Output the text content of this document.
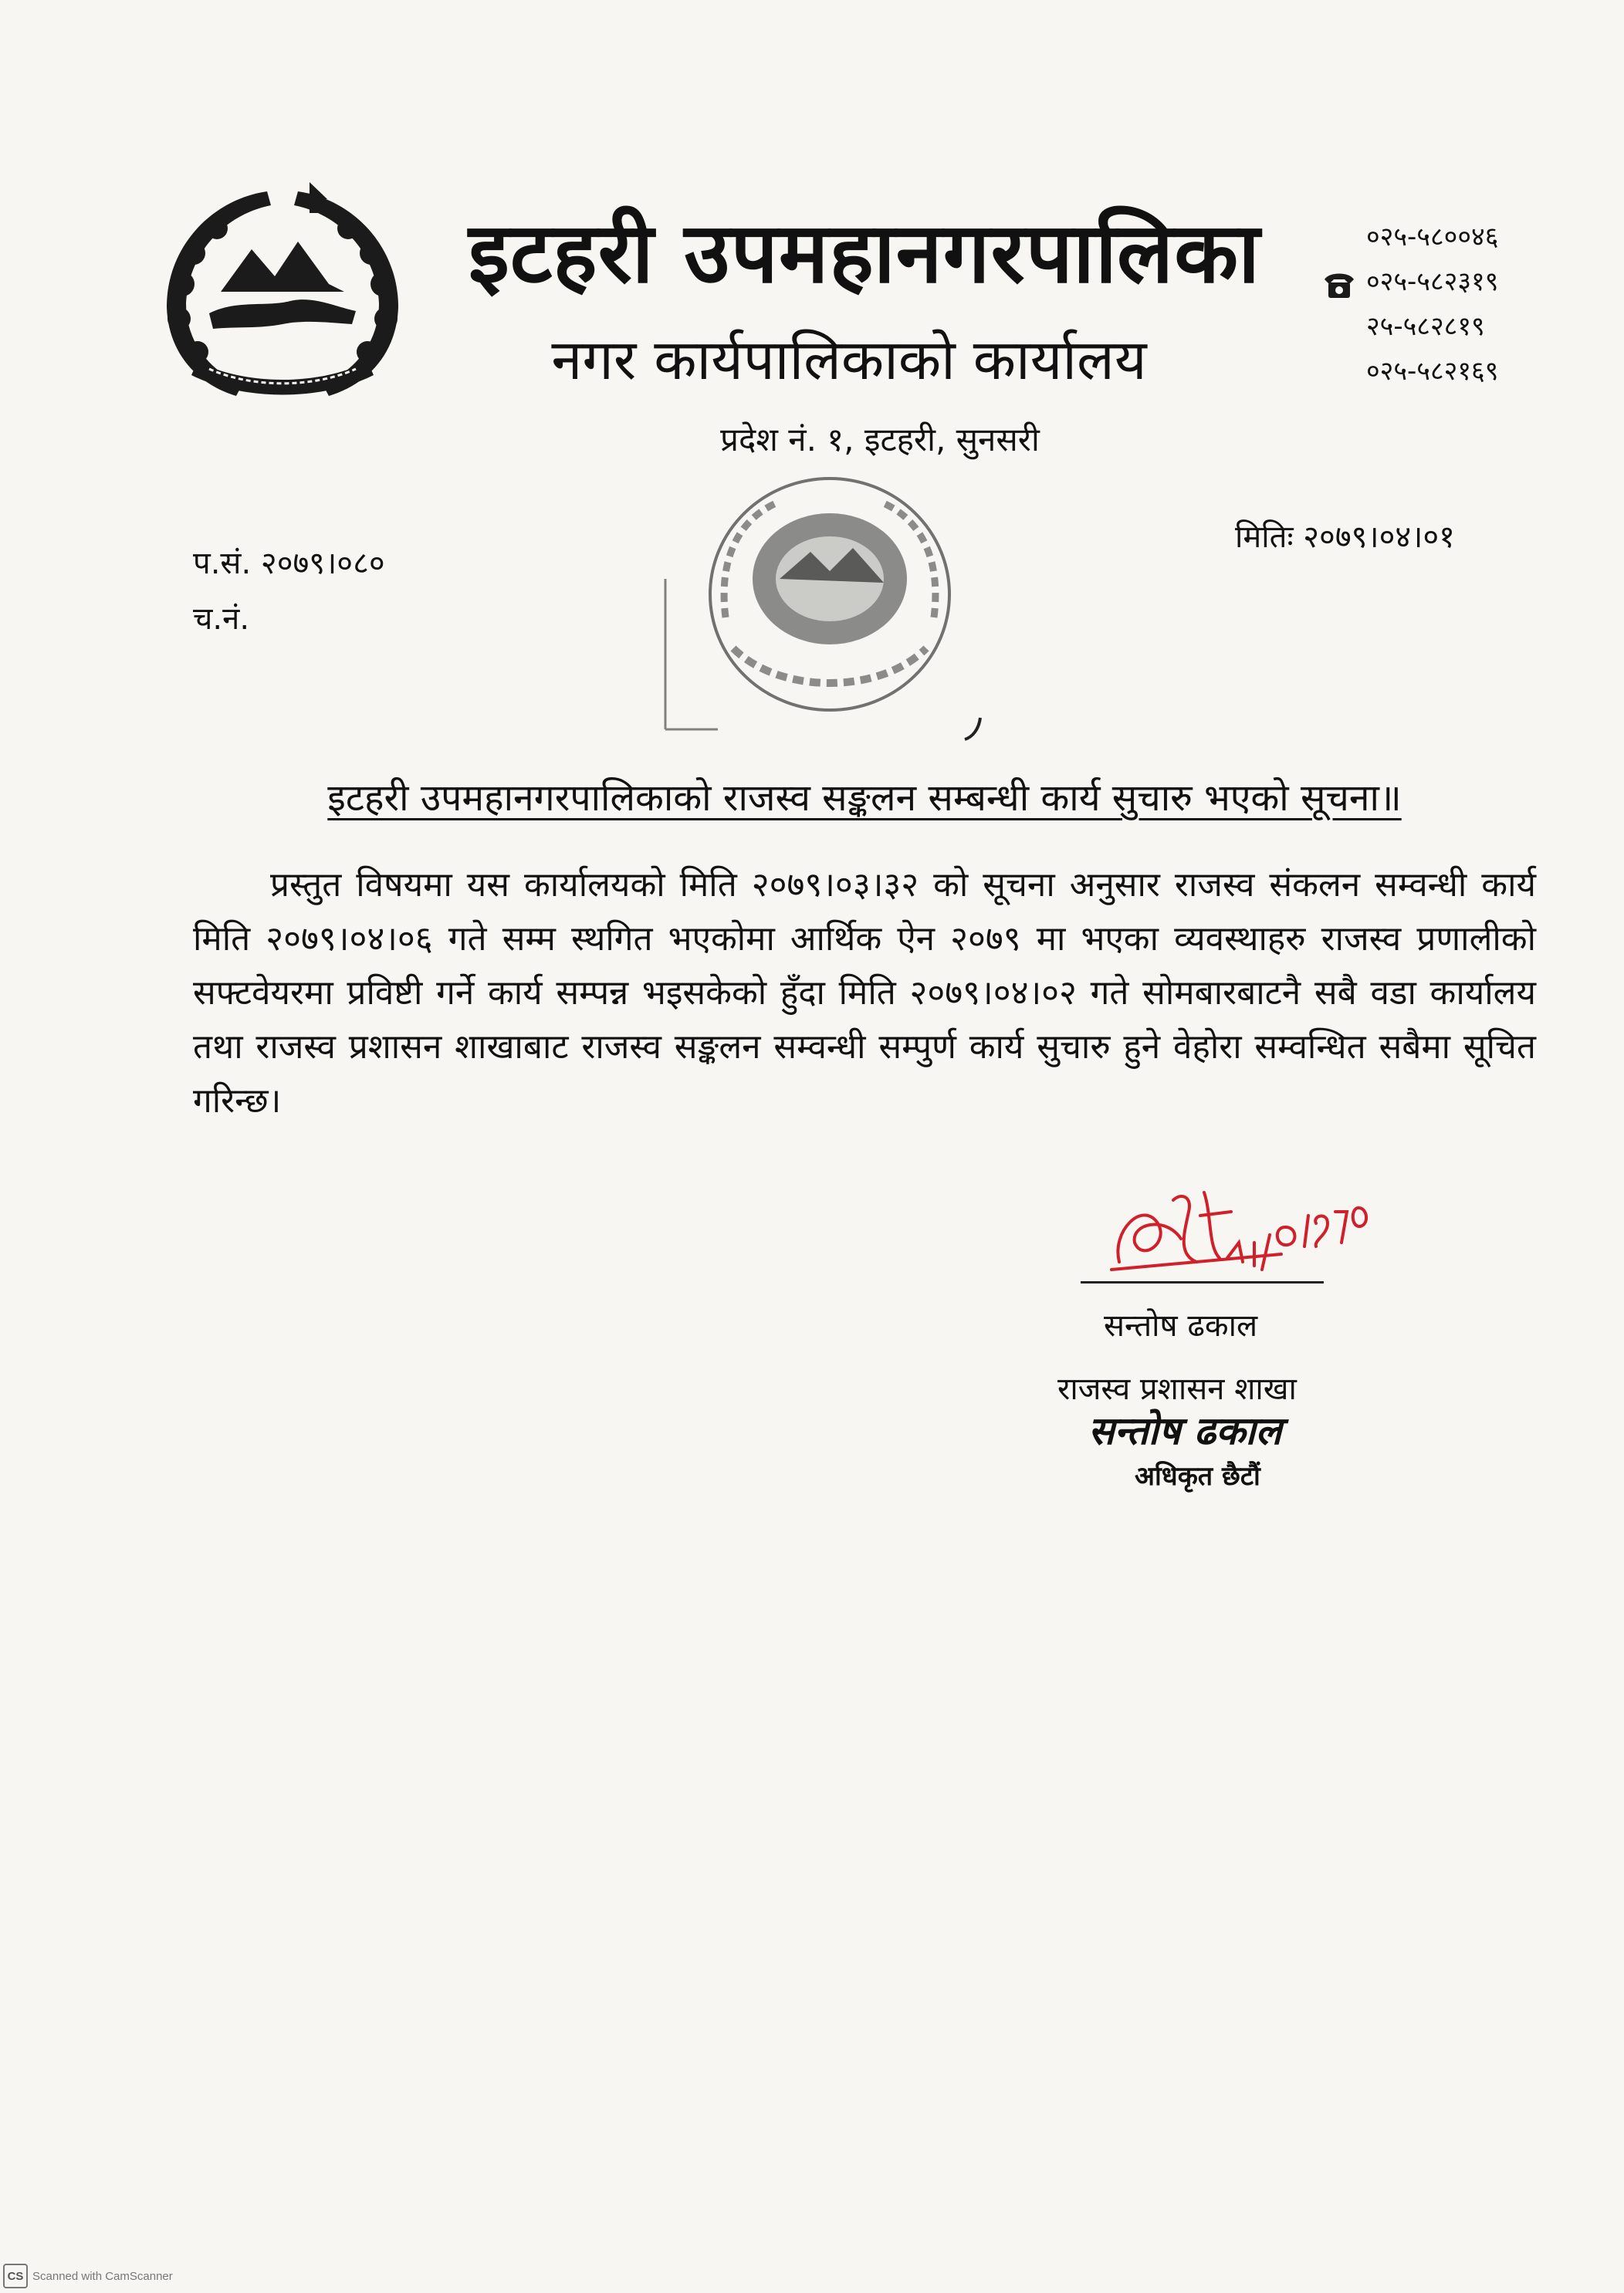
इटहरी उपमहानगरपालिका
नगर कार्यपालिकाको कार्यालय
प्रदेश नं. १, इटहरी, सुनसरी
०२५-५८००४६
०२५-५८२३१९
२५-५८२८१९
०२५-५८२१६९
मितिः २०७९।०४।०१
प.सं. २०७९।०८०
च.नं.
इटहरी उपमहानगरपालिकाको राजस्व सङ्कलन सम्बन्धी कार्य सुचारु भएको सूचना॥
प्रस्तुत विषयमा यस कार्यालयको मिति २०७९।०३।३२ को सूचना अनुसार राजस्व संकलन सम्वन्धी कार्य मिति २०७९।०४।०६ गते सम्म स्थगित भएकोमा आर्थिक ऐन २०७९ मा भएका व्यवस्थाहरु राजस्व प्रणालीको सफ्टवेयरमा प्रविष्टी गर्ने कार्य सम्पन्न भइसकेको हुँदा मिति २०७९।०४।०२ गते सोमबारबाटनै सबै वडा कार्यालय तथा राजस्व प्रशासन शाखाबाट राजस्व सङ्कलन सम्वन्धी सम्पुर्ण कार्य सुचारु हुने वेहोरा सम्वन्धित सबैमा सूचित गरिन्छ।
सन्तोष ढकाल
राजस्व प्रशासन शाखा
सन्तोष ढकाल
अधिकृत छैटौं
CS Scanned with CamScanner
